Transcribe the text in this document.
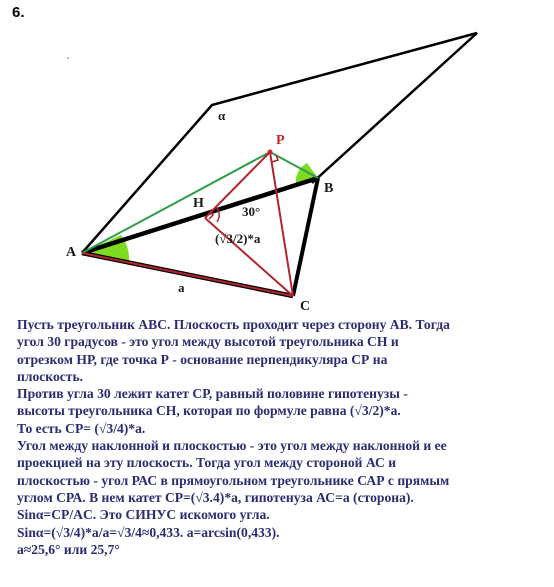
6.
α
A
B
C
P
H
30°
(√3/2)*a
a

Пусть треугольник АВС. Плоскость проходит через сторону АВ. Тогда

угол 30 градусов - это угол между высотой треугольника СН и

отрезком НР, где точка Р - основание перпендикуляра СР на

плоскость.

Против угла 30 лежит катет СР, равный половине гипотенузы -

высоты треугольника СН, которая по формуле равна (√3/2)*а.

То есть СР= (√3/4)*а.

Угол между наклонной и плоскостью - это угол между наклонной и ее

проекцией на эту плоскость. Тогда угол между стороной АС и

плоскостью - угол РАС в прямоугольном треугольнике САР с прямым

углом СРА. В нем катет СР=(√3.4)*а, гипотенуза АС=а (сторона).

Sinα=CP/AC. Это СИНУС искомого угла.

Sinα=(√3/4)*a/a=√3/4≈0,433. а=arcsin(0,433).

а≈25,6° или 25,7°
